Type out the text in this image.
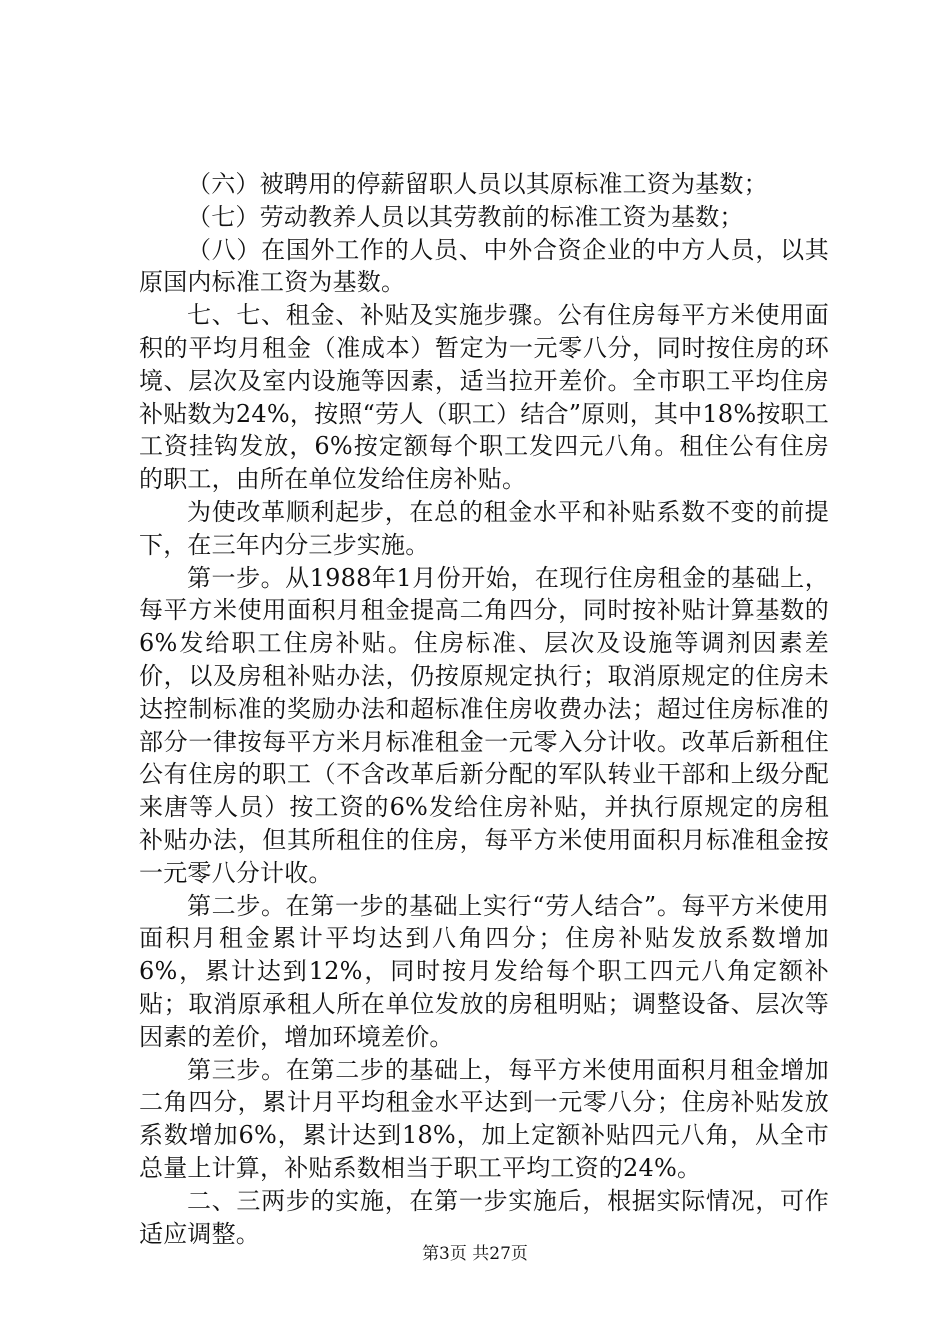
（六）被聘用的停薪留职人员以其原标准工资为基数；

（七）劳动教养人员以其劳教前的标准工资为基数；

（八）在国外工作的人员、中外合资企业的中方人员，以其原国内标准工资为基数。

七、七、租金、补贴及实施步骤。公有住房每平方米使用面积的平均月租金（准成本）暂定为一元零八分，同时按住房的环境、层次及室内设施等因素，适当拉开差价。全市职工平均住房补贴数为24%，按照“劳人（职工）结合”原则，其中18%按职工工资挂钩发放，6%按定额每个职工发四元八角。租住公有住房的职工，由所在单位发给住房补贴。

为使改革顺利起步，在总的租金水平和补贴系数不变的前提下，在三年内分三步实施。

第一步。从1988年1月份开始，在现行住房租金的基础上，每平方米使用面积月租金提高二角四分，同时按补贴计算基数的6%发给职工住房补贴。住房标准、层次及设施等调剂因素差价，以及房租补贴办法，仍按原规定执行；取消原规定的住房未达控制标准的奖励办法和超标准住房收费办法；超过住房标准的部分一律按每平方米月标准租金一元零入分计收。改革后新租住公有住房的职工（不含改革后新分配的军队转业干部和上级分配来唐等人员）按工资的6%发给住房补贴，并执行原规定的房租补贴办法，但其所租住的住房，每平方米使用面积月标准租金按一元零八分计收。

第二步。在第一步的基础上实行“劳人结合”。每平方米使用面积月租金累计平均达到八角四分；住房补贴发放系数增加6%，累计达到12%，同时按月发给每个职工四元八角定额补贴；取消原承租人所在单位发放的房租明贴；调整设备、层次等因素的差价，增加环境差价。

第三步。在第二步的基础上，每平方米使用面积月租金增加二角四分，累计月平均租金水平达到一元零八分；住房补贴发放系数增加6%，累计达到18%，加上定额补贴四元八角，从全市总量上计算，补贴系数相当于职工平均工资的24%。

二、三两步的实施，在第一步实施后，根据实际情况，可作适应调整。

第3页 共27页
